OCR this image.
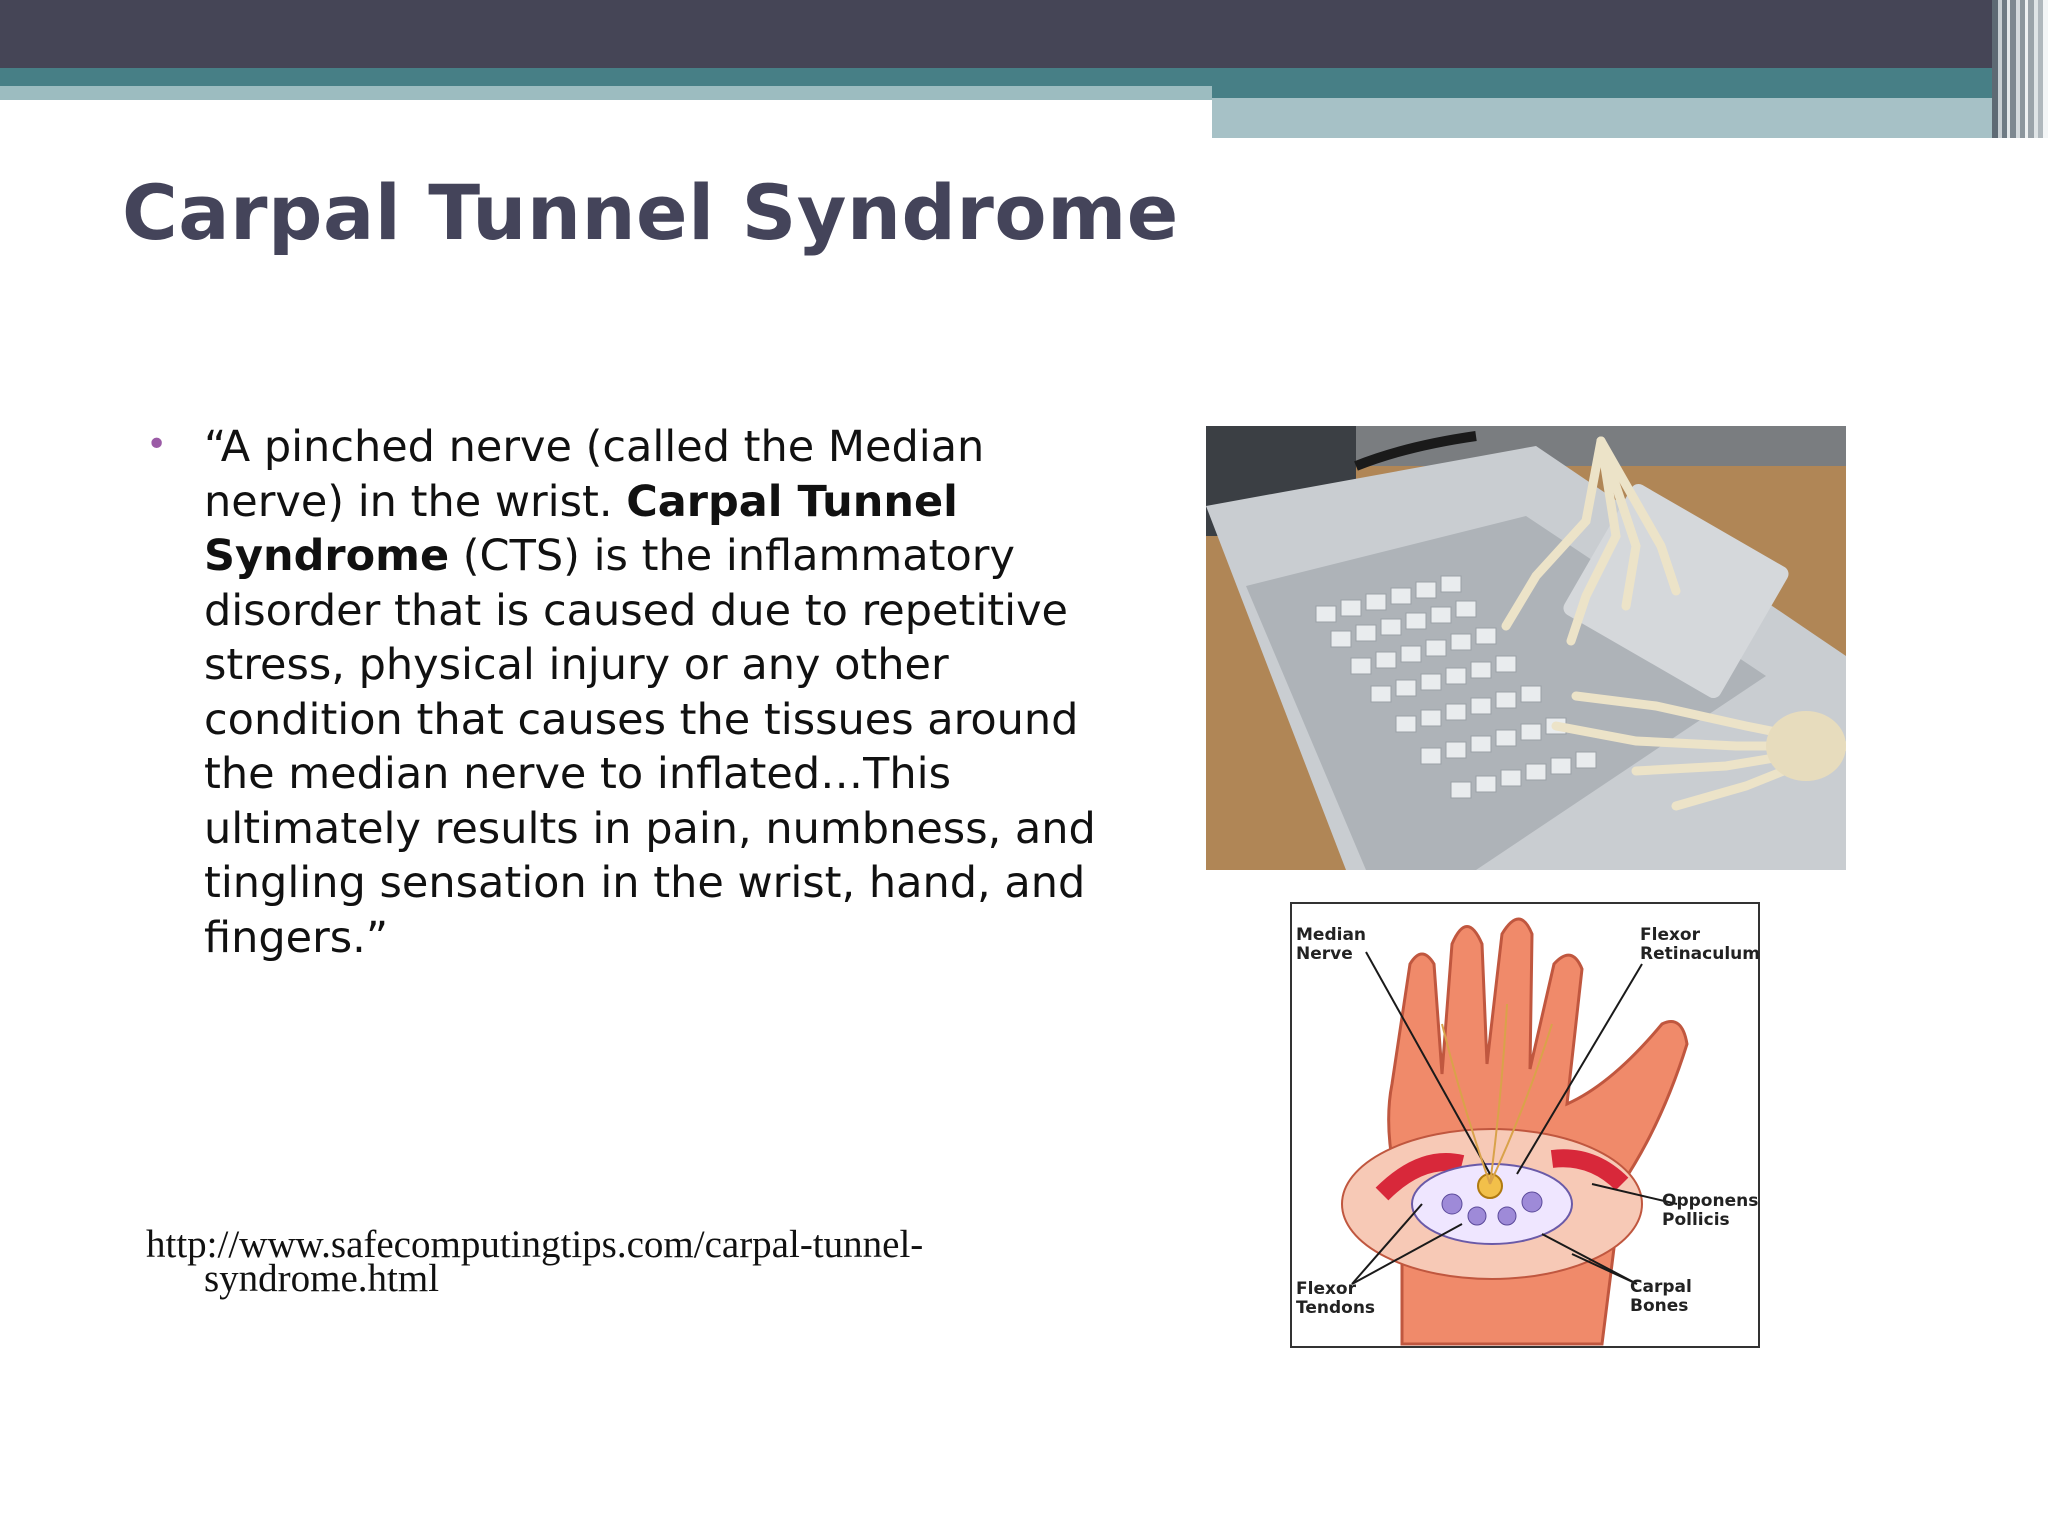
Carpal Tunnel Syndrome
• “A pinched nerve (called the Median nerve) in the wrist. Carpal Tunnel Syndrome (CTS) is the inflammatory disorder that is caused due to repetitive stress, physical injury or any other condition that causes the tissues around the median nerve to inflated…This ultimately results in pain, numbness, and tingling sensation in the wrist, hand, and fingers.”
http://www.safecomputingtips.com/carpal-tunnel-
syndrome.html
Median
Nerve
Flexor
Retinaculum
Opponens
Pollicis
Flexor
Tendons
Carpal
Bones
